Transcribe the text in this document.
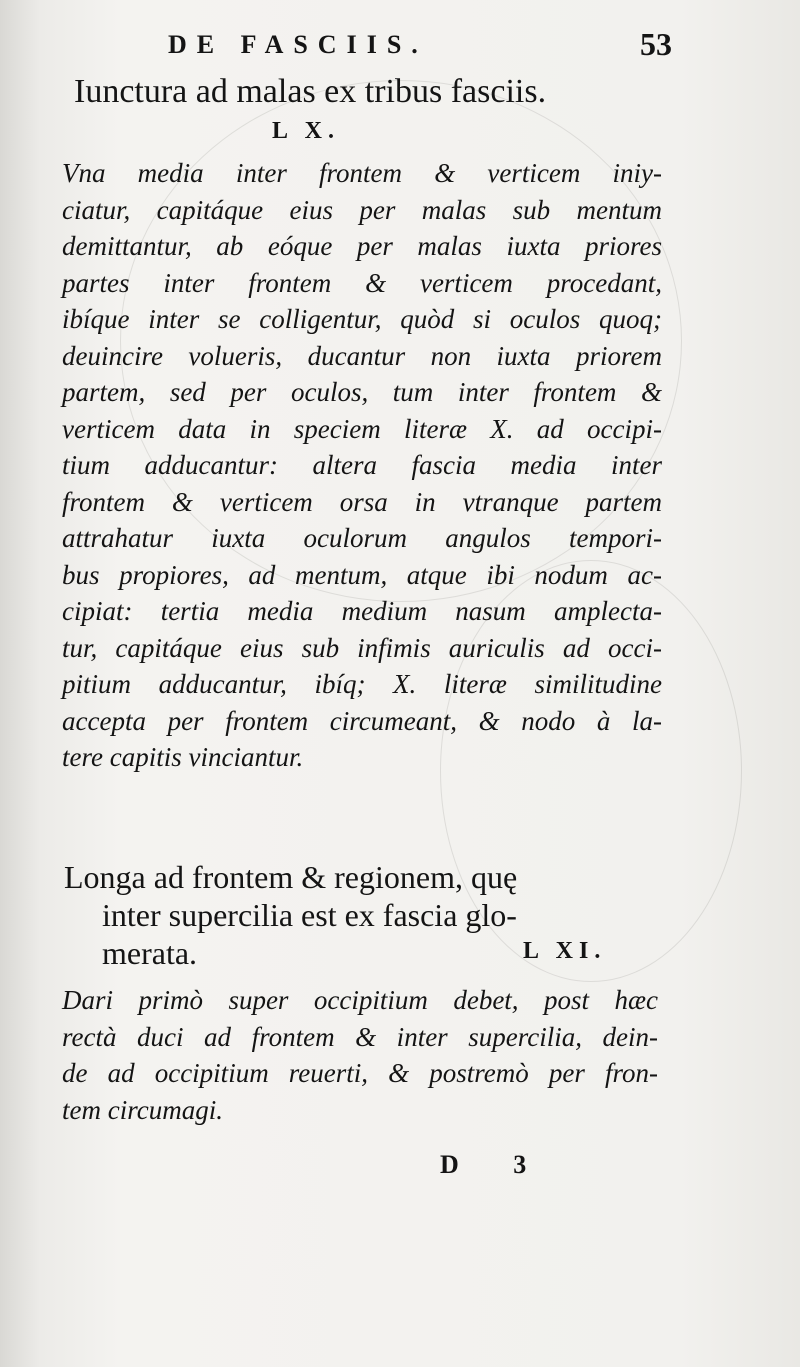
DE FASCIIS.	53
Iunctura ad malas ex tribus fasciis.
L X.
Vna media inter frontem & verticem iniy-
ciatur, capitáque eius per malas sub mentum
demittantur, ab eóque per malas iuxta priores
partes inter frontem & verticem procedant,
ibíque inter se colligentur, quòd si oculos quoq;
deuincire volueris, ducantur non iuxta priorem
partem, sed per oculos, tum inter frontem &
verticem data in speciem literæ X. ad occipi-
tium adducantur: altera fascia media inter
frontem & verticem orsa in vtranque partem
attrahatur iuxta oculorum angulos tempori-
bus propiores, ad mentum, atque ibi nodum ac-
cipiat: tertia media medium nasum amplecta-
tur, capitáque eius sub infimis auriculis ad occi-
pitium adducantur, ibíq; X. literæ similitudine
accepta per frontem circumeant, & nodo à la-
tere capitis vinciantur.
Longa ad frontem & regionem, quę
inter supercilia est ex fascia glo-
merata.	L XI.
Dari primò super occipitium debet, post hæc
rectà duci ad frontem & inter supercilia, dein-
de ad occipitium reuerti, & postremò per fron-
tem circumagi.
D 3
